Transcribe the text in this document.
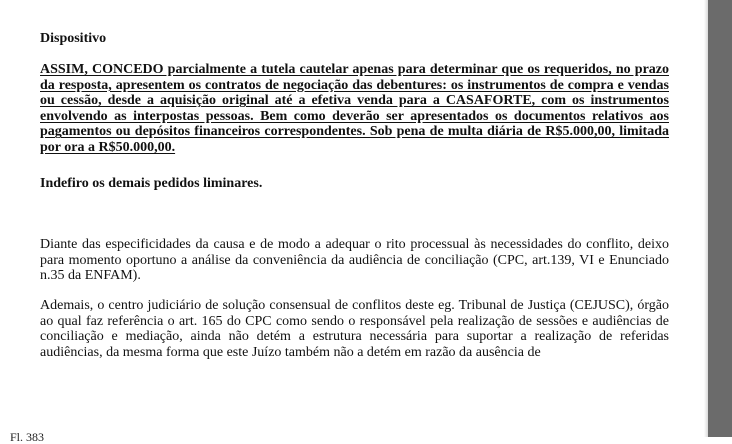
Dispositivo
ASSIM, CONCEDO parcialmente a tutela cautelar apenas para determinar que os requeridos, no prazo da resposta, apresentem os contratos de negociação das debentures: os instrumentos de compra e vendas ou cessão, desde a aquisição original até a efetiva venda para a CASAFORTE, com os instrumentos envolvendo as interpostas pessoas. Bem como deverão ser apresentados os documentos relativos aos pagamentos ou depósitos financeiros correspondentes. Sob pena de multa diária de R$5.000,00, limitada por ora a R$50.000,00.
Indefiro os demais pedidos liminares.
Diante das especificidades da causa e de modo a adequar o rito processual às necessidades do conflito, deixo para momento oportuno a análise da conveniência da audiência de conciliação (CPC, art.139, VI e Enunciado n.35 da ENFAM).
Ademais, o centro judiciário de solução consensual de conflitos deste eg. Tribunal de Justiça (CEJUSC), órgão ao qual faz referência o art. 165 do CPC como sendo o responsável pela realização de sessões e audiências de conciliação e mediação, ainda não detém a estrutura necessária para suportar a realização de referidas audiências, da mesma forma que este Juízo também não a detém em razão da ausência de
Fl. 383
